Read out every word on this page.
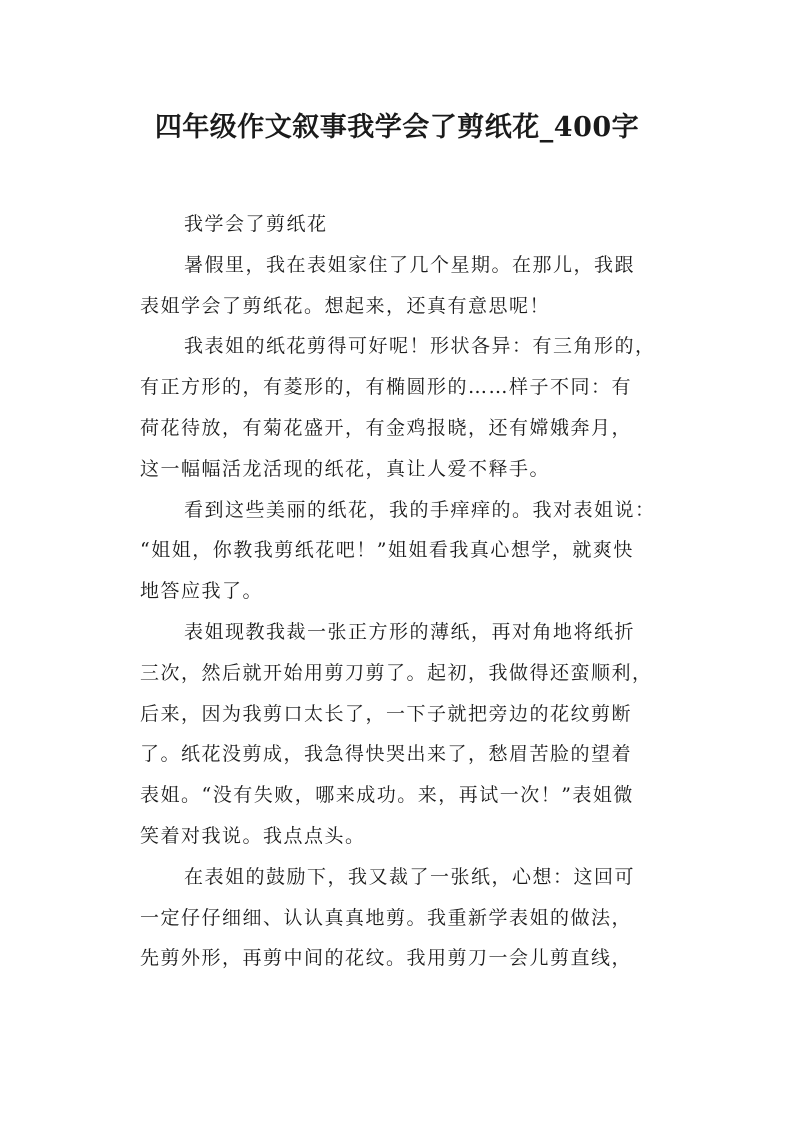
四年级作文叙事我学会了剪纸花_400字
我学会了剪纸花
暑假里，我在表姐家住了几个星期。在那儿，我跟
表姐学会了剪纸花。想起来，还真有意思呢！
我表姐的纸花剪得可好呢！形状各异：有三角形的，
有正方形的，有菱形的，有椭圆形的……样子不同：有
荷花待放，有菊花盛开，有金鸡报晓，还有嫦娥奔月，
这一幅幅活龙活现的纸花，真让人爱不释手。
看到这些美丽的纸花，我的手痒痒的。我对表姐说：
“姐姐，你教我剪纸花吧！”姐姐看我真心想学，就爽快
地答应我了。
表姐现教我裁一张正方形的薄纸，再对角地将纸折
三次，然后就开始用剪刀剪了。起初，我做得还蛮顺利，
后来，因为我剪口太长了，一下子就把旁边的花纹剪断
了。纸花没剪成，我急得快哭出来了，愁眉苦脸的望着
表姐。“没有失败，哪来成功。来，再试一次！”表姐微
笑着对我说。我点点头。
在表姐的鼓励下，我又裁了一张纸，心想：这回可
一定仔仔细细、认认真真地剪。我重新学表姐的做法，
先剪外形，再剪中间的花纹。我用剪刀一会儿剪直线，
